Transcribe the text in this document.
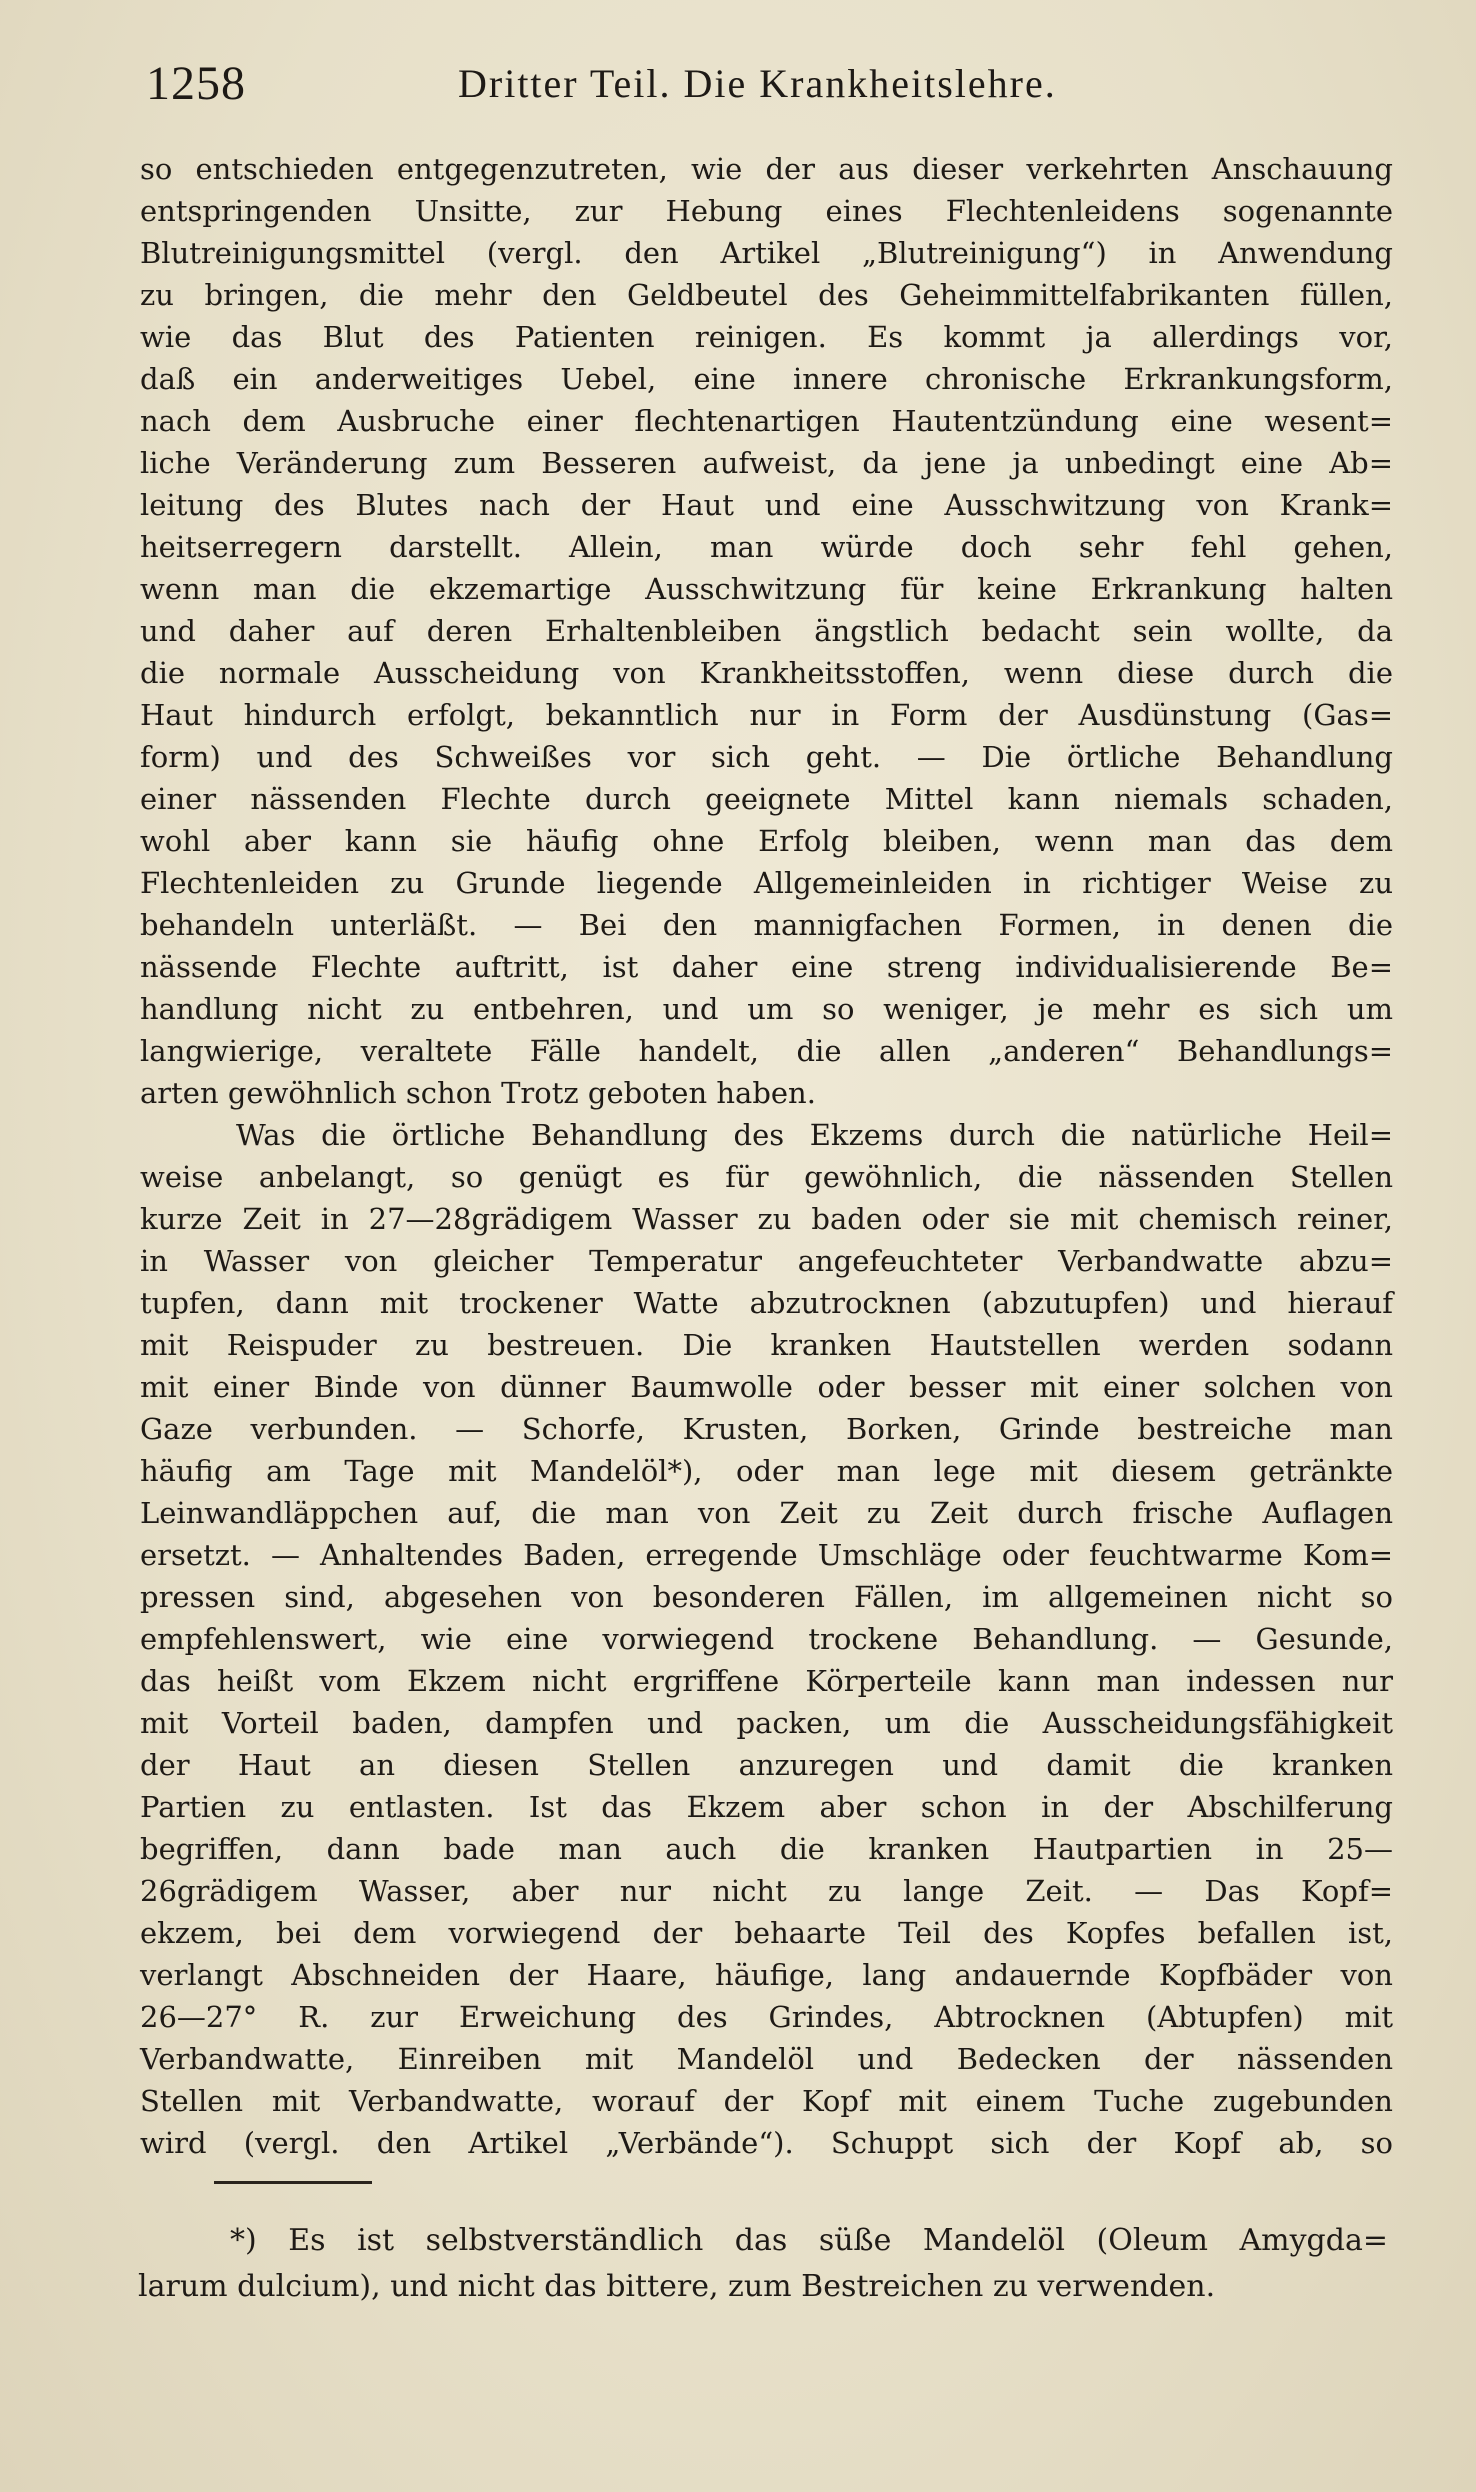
1258	Dritter Teil. Die Krankheitslehre.
so entschieden entgegenzutreten, wie der aus dieser verkehrten Anschauung
entspringenden Unsitte, zur Hebung eines Flechtenleidens sogenannte
Blutreinigungsmittel (vergl. den Artikel „Blutreinigung“) in Anwendung
zu bringen, die mehr den Geldbeutel des Geheimmittelfabrikanten füllen,
wie das Blut des Patienten reinigen. Es kommt ja allerdings vor,
daß ein anderweitiges Uebel, eine innere chronische Erkrankungsform,
nach dem Ausbruche einer flechtenartigen Hautentzündung eine wesent=
liche Veränderung zum Besseren aufweist, da jene ja unbedingt eine Ab=
leitung des Blutes nach der Haut und eine Ausschwitzung von Krank=
heitserregern darstellt. Allein, man würde doch sehr fehl gehen,
wenn man die ekzemartige Ausschwitzung für keine Erkrankung halten
und daher auf deren Erhaltenbleiben ängstlich bedacht sein wollte, da
die normale Ausscheidung von Krankheitsstoffen, wenn diese durch die
Haut hindurch erfolgt, bekanntlich nur in Form der Ausdünstung (Gas=
form) und des Schweißes vor sich geht. — Die örtliche Behandlung
einer nässenden Flechte durch geeignete Mittel kann niemals schaden,
wohl aber kann sie häufig ohne Erfolg bleiben, wenn man das dem
Flechtenleiden zu Grunde liegende Allgemeinleiden in richtiger Weise zu
behandeln unterläßt. — Bei den mannigfachen Formen, in denen die
nässende Flechte auftritt, ist daher eine streng individualisierende Be=
handlung nicht zu entbehren, und um so weniger, je mehr es sich um
langwierige, veraltete Fälle handelt, die allen „anderen“ Behandlungs=
arten gewöhnlich schon Trotz geboten haben.
Was die örtliche Behandlung des Ekzems durch die natürliche Heil=
weise anbelangt, so genügt es für gewöhnlich, die nässenden Stellen
kurze Zeit in 27—28grädigem Wasser zu baden oder sie mit chemisch reiner,
in Wasser von gleicher Temperatur angefeuchteter Verbandwatte abzu=
tupfen, dann mit trockener Watte abzutrocknen (abzutupfen) und hierauf
mit Reispuder zu bestreuen. Die kranken Hautstellen werden sodann
mit einer Binde von dünner Baumwolle oder besser mit einer solchen von
Gaze verbunden. — Schorfe, Krusten, Borken, Grinde bestreiche man
häufig am Tage mit Mandelöl*), oder man lege mit diesem getränkte
Leinwandläppchen auf, die man von Zeit zu Zeit durch frische Auflagen
ersetzt. — Anhaltendes Baden, erregende Umschläge oder feuchtwarme Kom=
pressen sind, abgesehen von besonderen Fällen, im allgemeinen nicht so
empfehlenswert, wie eine vorwiegend trockene Behandlung. — Gesunde,
das heißt vom Ekzem nicht ergriffene Körperteile kann man indessen nur
mit Vorteil baden, dampfen und packen, um die Ausscheidungsfähigkeit
der Haut an diesen Stellen anzuregen und damit die kranken
Partien zu entlasten. Ist das Ekzem aber schon in der Abschilferung
begriffen, dann bade man auch die kranken Hautpartien in 25—
26grädigem Wasser, aber nur nicht zu lange Zeit. — Das Kopf=
ekzem, bei dem vorwiegend der behaarte Teil des Kopfes befallen ist,
verlangt Abschneiden der Haare, häufige, lang andauernde Kopfbäder von
26—27° R. zur Erweichung des Grindes, Abtrocknen (Abtupfen) mit
Verbandwatte, Einreiben mit Mandelöl und Bedecken der nässenden
Stellen mit Verbandwatte, worauf der Kopf mit einem Tuche zugebunden
wird (vergl. den Artikel „Verbände“). Schuppt sich der Kopf ab, so
*) Es ist selbstverständlich das süße Mandelöl (Oleum Amygda=
larum dulcium), und nicht das bittere, zum Bestreichen zu verwenden.
